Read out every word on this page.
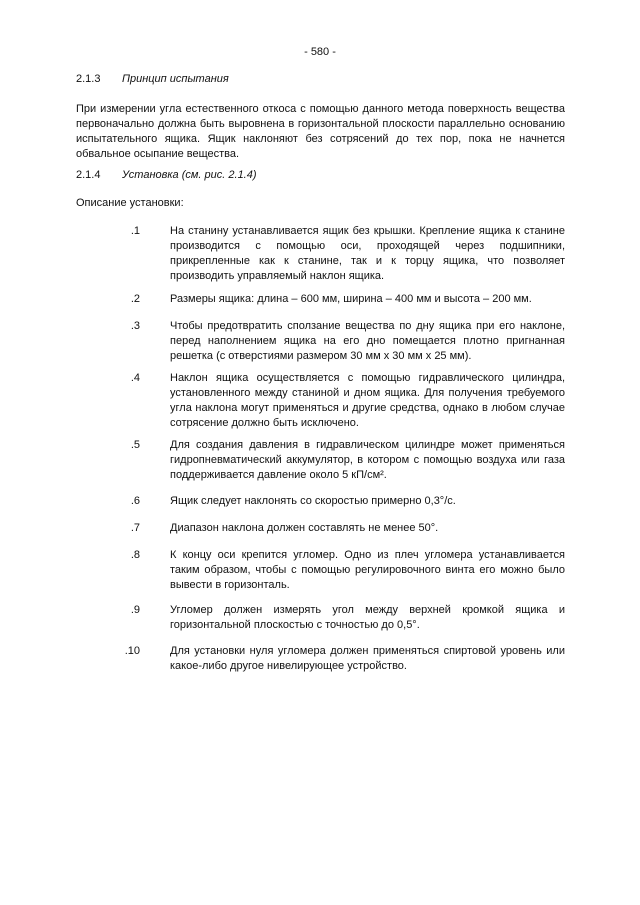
- 580 -
2.1.3 Принцип испытания
При измерении угла естественного откоса с помощью данного метода поверхность вещества первоначально должна быть выровнена в горизонтальной плоскости параллельно основанию испытательного ящика. Ящик наклоняют без сотрясений до тех пор, пока не начнется обвальное осыпание вещества.
2.1.4 Установка (см. рис. 2.1.4)
Описание установки:
.1	На станину устанавливается ящик без крышки. Крепление ящика к станине производится с помощью оси, проходящей через подшипники, прикрепленные как к станине, так и к торцу ящика, что позволяет производить управляемый наклон ящика.
.2	Размеры ящика: длина – 600 мм, ширина – 400 мм и высота – 200 мм.
.3	Чтобы предотвратить сползание вещества по дну ящика при его наклоне, перед наполнением ящика на его дно помещается плотно пригнанная решетка (с отверстиями размером 30 мм x 30 мм x 25 мм).
.4	Наклон ящика осуществляется с помощью гидравлического цилиндра, установленного между станиной и дном ящика. Для получения требуемого угла наклона могут применяться и другие средства, однако в любом случае сотрясение должно быть исключено.
.5	Для создания давления в гидравлическом цилиндре может применяться гидропневматический аккумулятор, в котором с помощью воздуха или газа поддерживается давление около 5 кП/см².
.6	Ящик следует наклонять со скоростью примерно 0,3°/с.
.7	Диапазон наклона должен составлять не менее 50°.
.8	К концу оси крепится угломер. Одно из плеч угломера устанавливается таким образом, чтобы с помощью регулировочного винта его можно было вывести в горизонталь.
.9	Угломер должен измерять угол между верхней кромкой ящика и горизонтальной плоскостью с точностью до 0,5°.
.10	Для установки нуля угломера должен применяться спиртовой уровень или какое-либо другое нивелирующее устройство.
